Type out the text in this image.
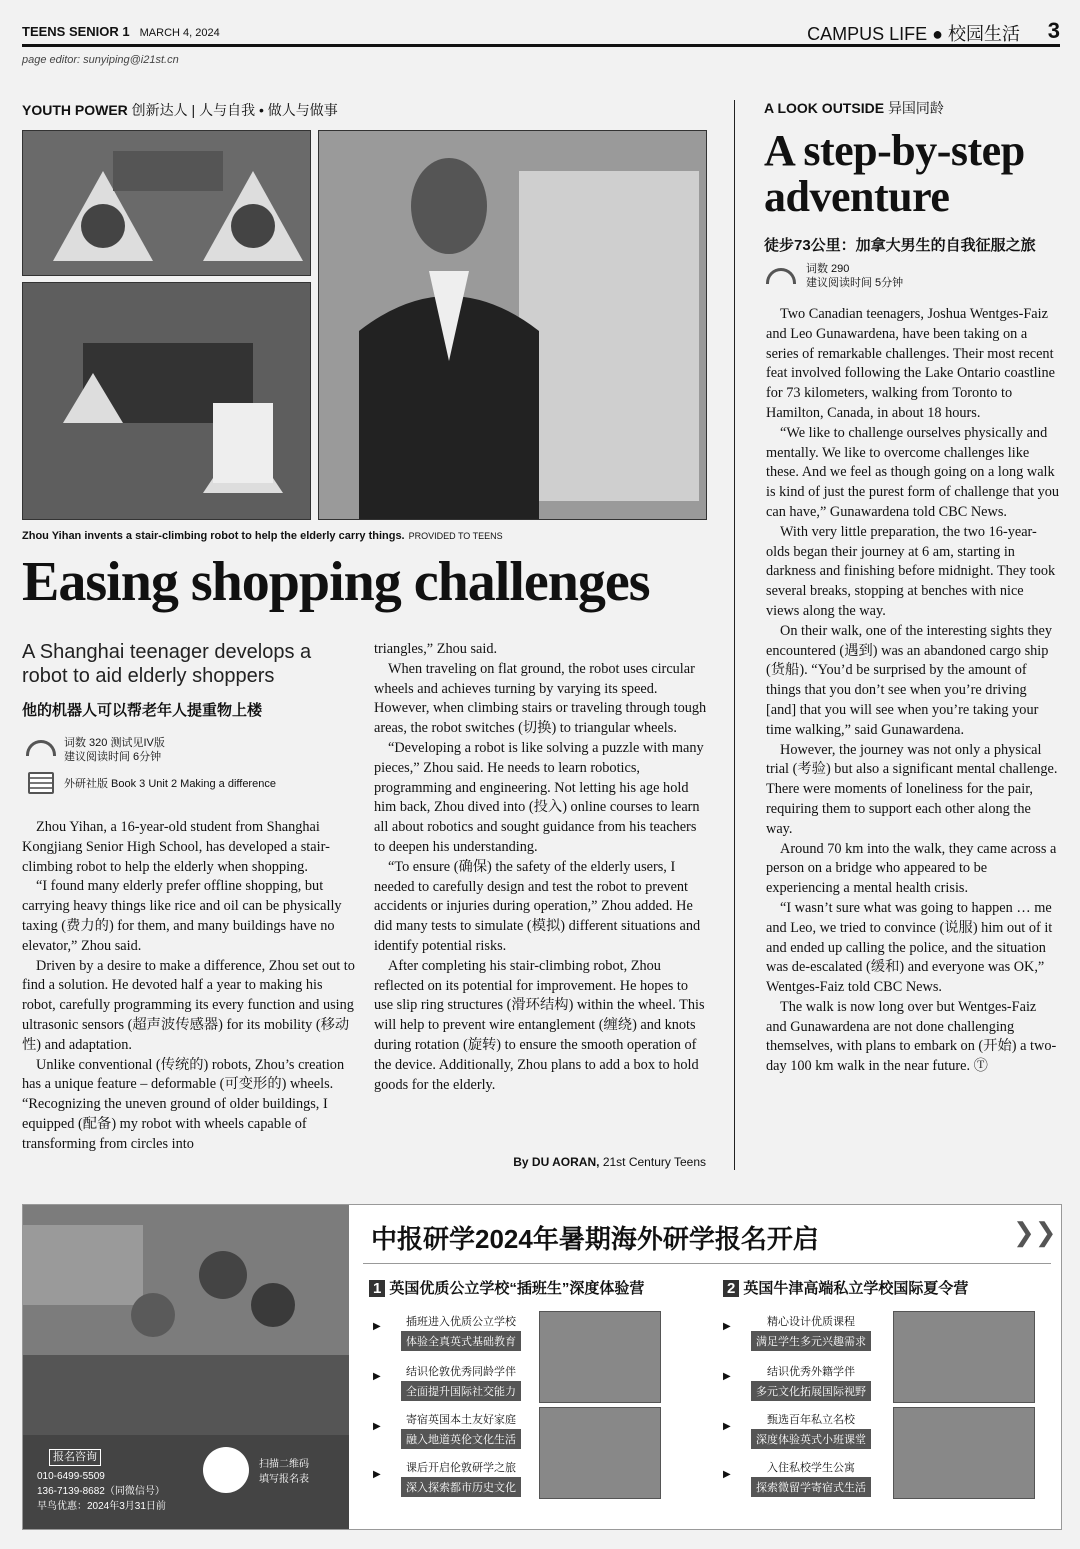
TEENS SENIOR 1 MARCH 4, 2024	CAMPUS LIFE ● 校园生活 3
page editor: sunyiping@i21st.cn
YOUTH POWER 创新达人 | 人与自我 • 做人与做事
Zhou Yihan invents a stair-climbing robot to help the elderly carry things. PROVIDED TO TEENS
Easing shopping challenges
A Shanghai teenager develops a robot to aid elderly shoppers
他的机器人可以帮老年人提重物上楼
词数 320 测试见IV版
建议阅读时间 6分钟
外研社版 Book 3 Unit 2 Making a difference

Zhou Yihan, a 16-year-old student from Shanghai Kongjiang Senior High School, has developed a stair-climbing robot to help the elderly when shopping.

“I found many elderly prefer offline shopping, but carrying heavy things like rice and oil can be physically taxing (费力的) for them, and many buildings have no elevator,” Zhou said.

Driven by a desire to make a difference, Zhou set out to find a solution. He devoted half a year to making his robot, carefully programming its every function and using ultrasonic sensors (超声波传感器) for its mobility (移动性) and adaptation.

Unlike conventional (传统的) robots, Zhou’s creation has a unique feature – deformable (可变形的) wheels. “Recognizing the uneven ground of older buildings, I equipped (配备) my robot with wheels capable of transforming from circles into

triangles,” Zhou said.

When traveling on flat ground, the robot uses circular wheels and achieves turning by varying its speed. However, when climbing stairs or traveling through tough areas, the robot switches (切换) to triangular wheels.

“Developing a robot is like solving a puzzle with many pieces,” Zhou said. He needs to learn robotics, programming and engineering. Not letting his age hold him back, Zhou dived into (投入) online courses to learn all about robotics and sought guidance from his teachers to deepen his understanding.

“To ensure (确保) the safety of the elderly users, I needed to carefully design and test the robot to prevent accidents or injuries during operation,” Zhou added. He did many tests to simulate (模拟) different situations and identify potential risks.

After completing his stair-climbing robot, Zhou reflected on its potential for improvement. He hopes to use slip ring structures (滑环结构) within the wheel. This will help to prevent wire entanglement (缠绕) and knots during rotation (旋转) to ensure the smooth operation of the device. Additionally, Zhou plans to add a box to hold goods for the elderly.

By DU AORAN, 21st Century Teens
A LOOK OUTSIDE 异国同龄
A step-by-step adventure
徒步73公里：加拿大男生的自我征服之旅
词数 290
建议阅读时间 5分钟

Two Canadian teenagers, Joshua Wentges-Faiz and Leo Gunawardena, have been taking on a series of remarkable challenges. Their most recent feat involved following the Lake Ontario coastline for 73 kilometers, walking from Toronto to Hamilton, Canada, in about 18 hours.

“We like to challenge ourselves physically and mentally. We like to overcome challenges like these. And we feel as though going on a long walk is kind of just the purest form of challenge that you can have,” Gunawardena told CBC News.

With very little preparation, the two 16-year-olds began their journey at 6 am, starting in darkness and finishing before midnight. They took several breaks, stopping at benches with nice views along the way.

On their walk, one of the interesting sights they encountered (遇到) was an abandoned cargo ship (货船). “You’d be surprised by the amount of things that you don’t see when you’re driving [and] that you will see when you’re taking your time walking,” said Gunawardena.

However, the journey was not only a physical trial (考验) but also a significant mental challenge. There were moments of loneliness for the pair, requiring them to support each other along the way.

Around 70 km into the walk, they came across a person on a bridge who appeared to be experiencing a mental health crisis.

“I wasn’t sure what was going to happen … me and Leo, we tried to convince (说服) him out of it and ended up calling the police, and the situation was de-escalated (缓和) and everyone was OK,” Wentges-Faiz told CBC News.

The walk is now long over but Wentges-Faiz and Gunawardena are not done challenging themselves, with plans to embark on (开始) a two-day 100 km walk in the near future. Ⓣ

报名咨询
010-6499-5509
136-7139-8682（同微信号）
早鸟优惠：2024年3月31日前
扫描二维码
填写报名表
中报研学2024年暑期海外研学报名开启	❯❯
1 英国优质公立学校“插班生”深度体验营	2 英国牛津高端私立学校国际夏令营
▶	插班进入优质公立学校
体验全真英式基础教育
▶	结识伦敦优秀同龄学伴
全面提升国际社交能力
▶
寄宿英国本土友好家庭
融入地道英伦文化生活
▶
课后开启伦敦研学之旅
深入探索都市历史文化
▶	精心设计优质课程
满足学生多元兴趣需求
▶	结识优秀外籍学伴
多元文化拓展国际视野
▶
甄选百年私立名校
深度体验英式小班课堂
▶
入住私校学生公寓
探索微留学寄宿式生活
